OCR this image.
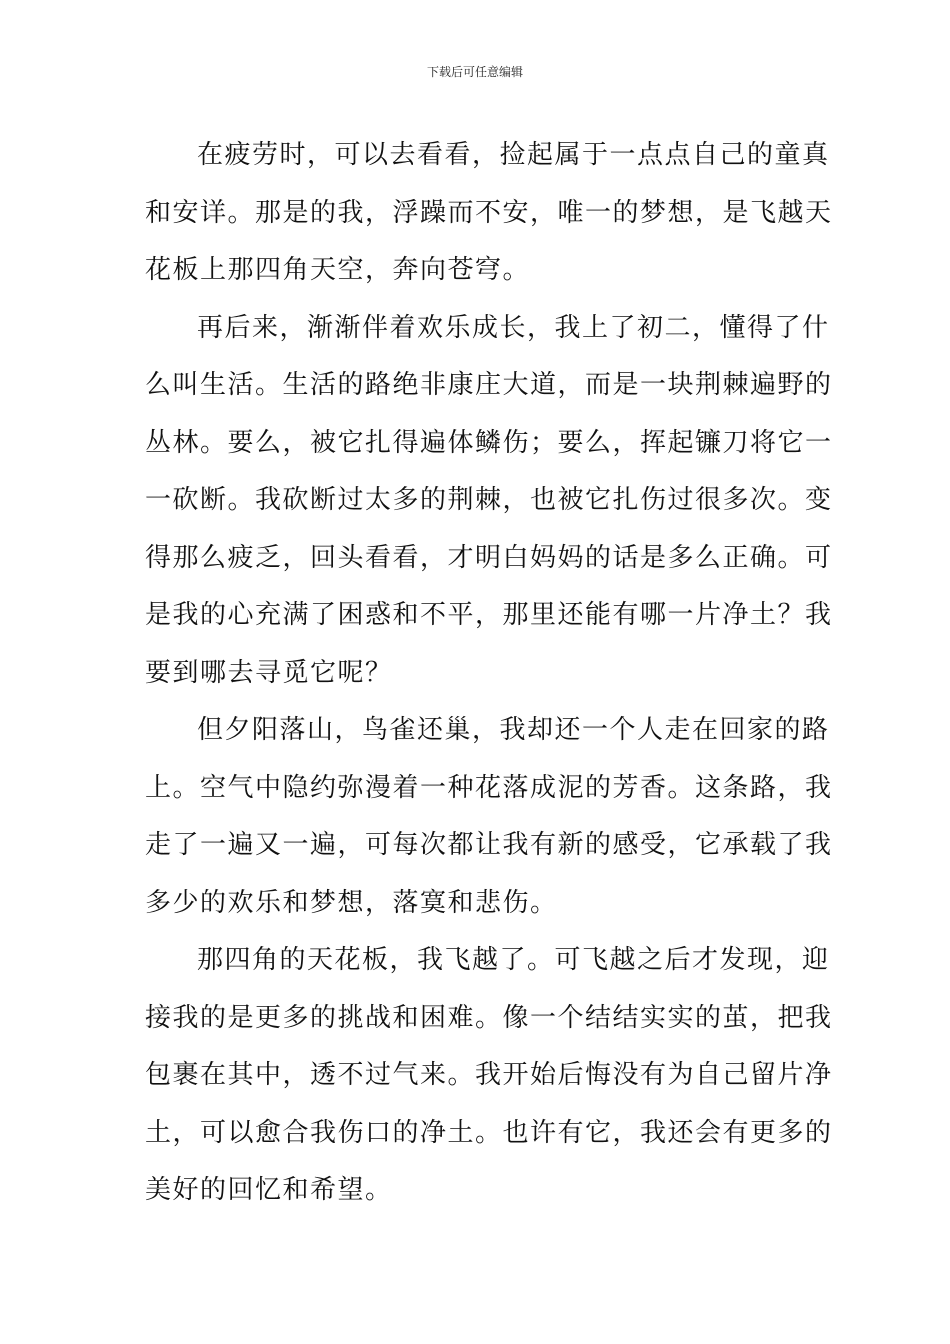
下载后可任意编辑

在疲劳时，可以去看看，捡起属于一点点自己的童真
和安详。那是的我，浮躁而不安，唯一的梦想，是飞越天
花板上那四角天空，奔向苍穹。

再后来，渐渐伴着欢乐成长，我上了初二，懂得了什
么叫生活。生活的路绝非康庄大道，而是一块荆棘遍野的
丛林。要么，被它扎得遍体鳞伤；要么，挥起镰刀将它一
一砍断。我砍断过太多的荆棘，也被它扎伤过很多次。变
得那么疲乏，回头看看，才明白妈妈的话是多么正确。可
是我的心充满了困惑和不平，那里还能有哪一片净土？我
要到哪去寻觅它呢？

但夕阳落山，鸟雀还巢，我却还一个人走在回家的路
上。空气中隐约弥漫着一种花落成泥的芳香。这条路，我
走了一遍又一遍，可每次都让我有新的感受，它承载了我
多少的欢乐和梦想，落寞和悲伤。

那四角的天花板，我飞越了。可飞越之后才发现，迎
接我的是更多的挑战和困难。像一个结结实实的茧，把我
包裹在其中，透不过气来。我开始后悔没有为自己留片净
土，可以愈合我伤口的净土。也许有它，我还会有更多的
美好的回忆和希望。
